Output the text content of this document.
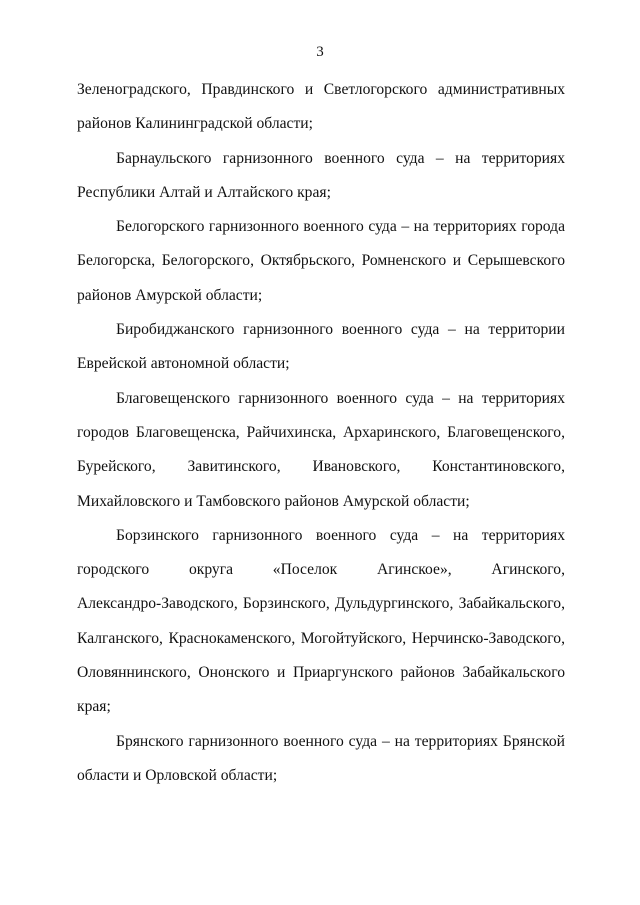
3
Зеленоградского, Правдинского и Светлогорского административных
районов Калининградской области;
Барнаульского гарнизонного военного суда – на территориях
Республики Алтай и Алтайского края;
Белогорского гарнизонного военного суда – на территориях города
Белогорска, Белогорского, Октябрьского, Ромненского и Серышевского
районов Амурской области;
Биробиджанского гарнизонного военного суда – на территории
Еврейской автономной области;
Благовещенского гарнизонного военного суда – на территориях
городов Благовещенска, Райчихинска, Архаринского, Благовещенского,
Бурейского, Завитинского, Ивановского, Константиновского,
Михайловского и Тамбовского районов Амурской области;
Борзинского гарнизонного военного суда – на территориях
городского округа «Поселок Агинское», Агинского,
Александро-Заводского, Борзинского, Дульдургинского, Забайкальского,
Калганского, Краснокаменского, Могойтуйского, Нерчинско-Заводского,
Оловяннинского, Ононского и Приаргунского районов Забайкальского
края;
Брянского гарнизонного военного суда – на территориях Брянской
области и Орловской области;
